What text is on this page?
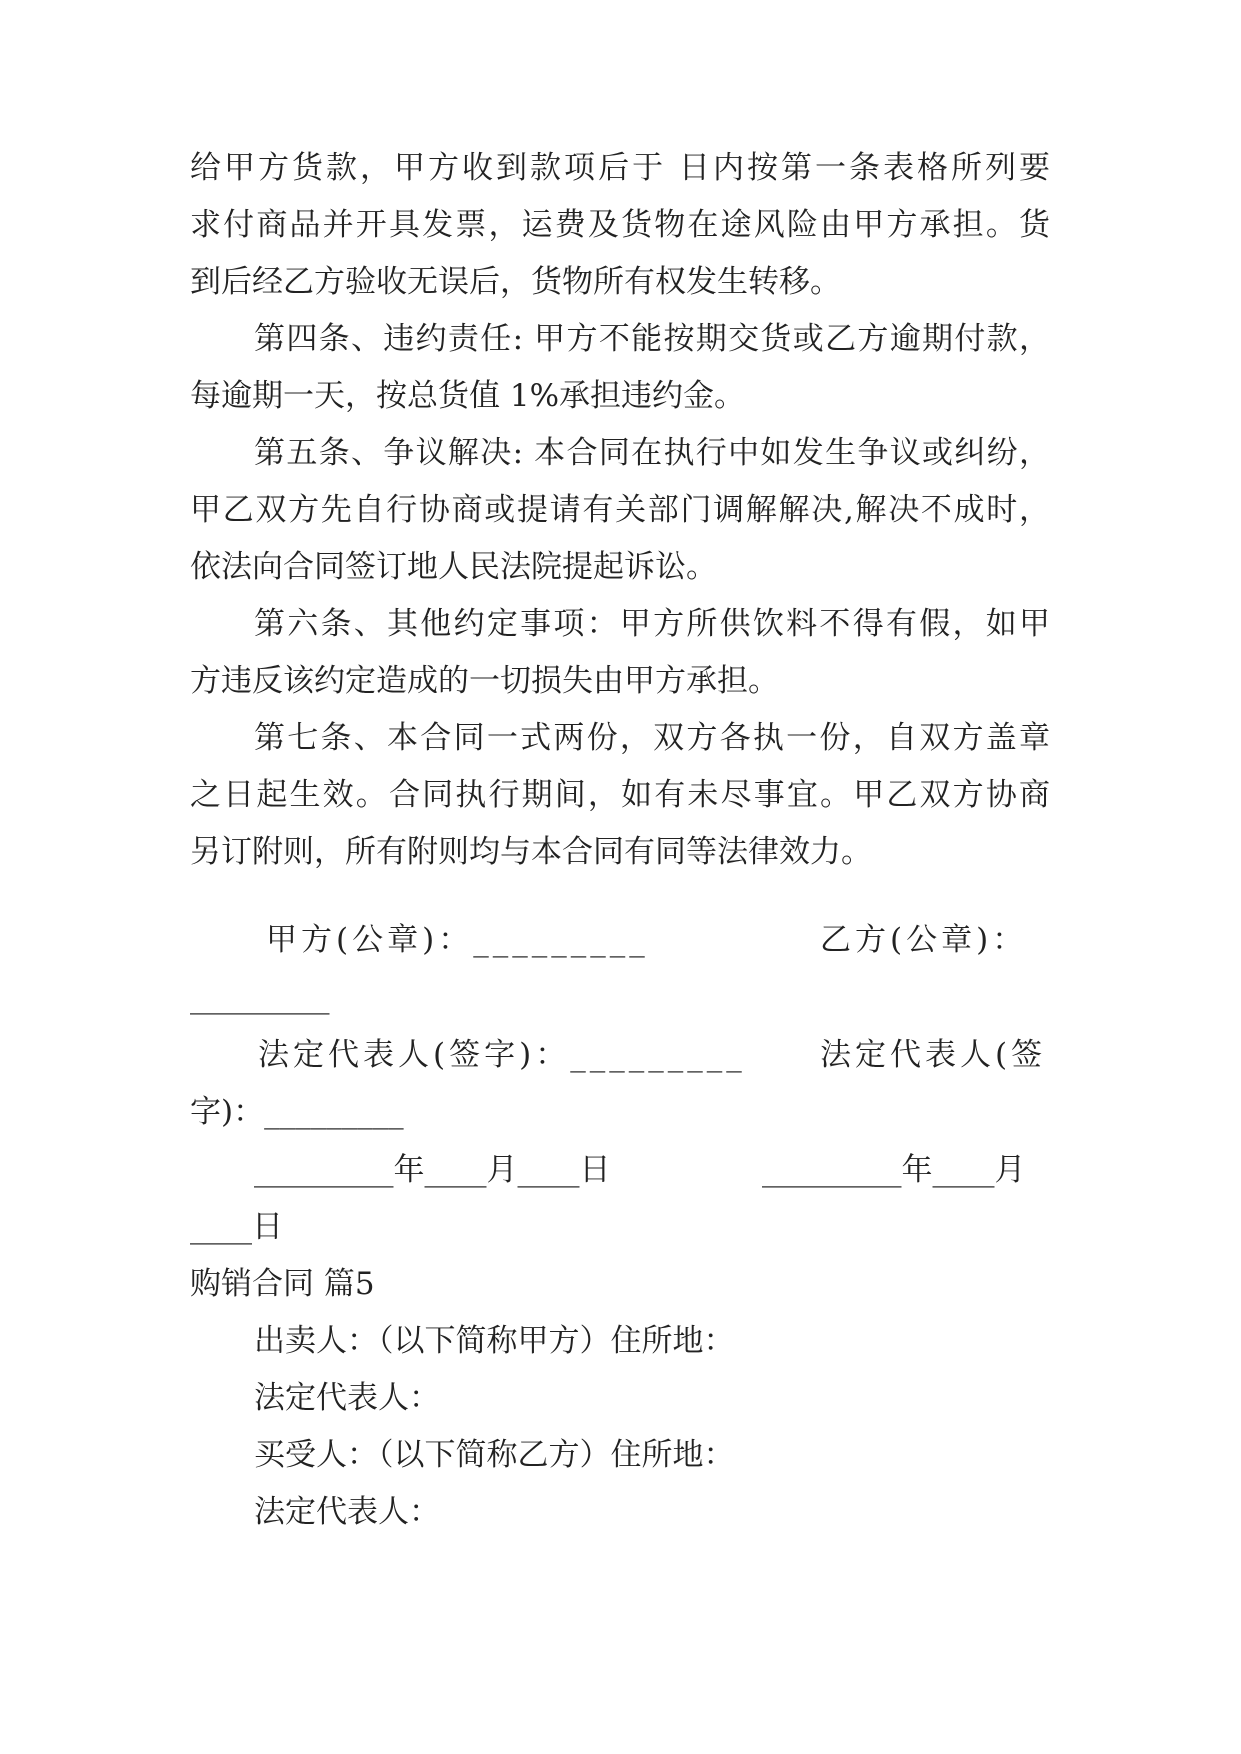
给甲方货款，甲方收到款项后于 日内按第一条表格所列要
求付商品并开具发票，运费及货物在途风险由甲方承担。货
到后经乙方验收无误后，货物所有权发生转移。
第四条、违约责任: 甲方不能按期交货或乙方逾期付款，
每逾期一天，按总货值 1%承担违约金。
第五条、争议解决: 本合同在执行中如发生争议或纠纷，
甲乙双方先自行协商或提请有关部门调解解决,解决不成时，
依法向合同签订地人民法院提起诉讼。
第六条、其他约定事项：甲方所供饮料不得有假，如甲
方违反该约定造成的一切损失由甲方承担。
第七条、本合同一式两份，双方各执一份，自双方盖章
之日起生效。合同执行期间，如有未尽事宜。甲乙双方协商
另订附则，所有附则均与本合同有同等法律效力。
甲方(公章)：_________	乙方(公章)：
_________
法定代表人(签字)：_________	法定代表人(签
字)：_________
_________年____月____日	_________年____月
____日
购销合同 篇5
出卖人：（以下简称甲方）住所地：
法定代表人：
买受人：（以下简称乙方）住所地：
法定代表人：
